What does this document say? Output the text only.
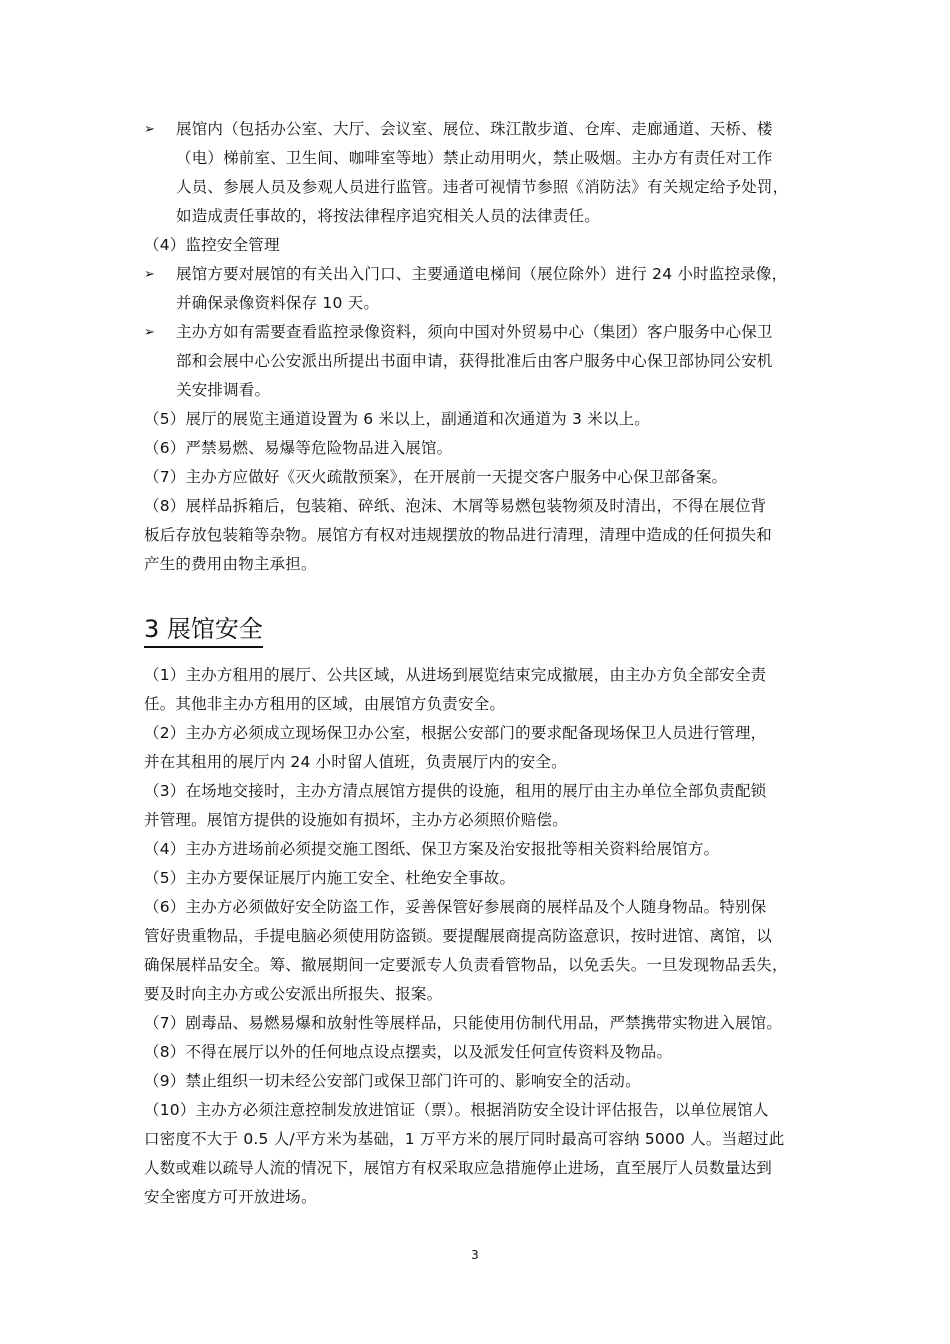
➢	展馆内（包括办公室、大厅、会议室、展位、珠江散步道、仓库、走廊通道、天桥、楼
（电）梯前室、卫生间、咖啡室等地）禁止动用明火，禁止吸烟。主办方有责任对工作
人员、参展人员及参观人员进行监管。违者可视情节参照《消防法》有关规定给予处罚，
如造成责任事故的，将按法律程序追究相关人员的法律责任。
（4）监控安全管理
➢	展馆方要对展馆的有关出入门口、主要通道电梯间（展位除外）进行 24 小时监控录像，
并确保录像资料保存 10 天。
➢	主办方如有需要查看监控录像资料，须向中国对外贸易中心（集团）客户服务中心保卫
部和会展中心公安派出所提出书面申请，获得批准后由客户服务中心保卫部协同公安机
关安排调看。
（5）展厅的展览主通道设置为 6 米以上，副通道和次通道为 3 米以上。
（6）严禁易燃、易爆等危险物品进入展馆。
（7）主办方应做好《灭火疏散预案》，在开展前一天提交客户服务中心保卫部备案。
（8）展样品拆箱后，包装箱、碎纸、泡沫、木屑等易燃包装物须及时清出，不得在展位背
板后存放包装箱等杂物。展馆方有权对违规摆放的物品进行清理，清理中造成的任何损失和
产生的费用由物主承担。
3 展馆安全
（1）主办方租用的展厅、公共区域，从进场到展览结束完成撤展，由主办方负全部安全责
任。其他非主办方租用的区域，由展馆方负责安全。
（2）主办方必须成立现场保卫办公室，根据公安部门的要求配备现场保卫人员进行管理，
并在其租用的展厅内 24 小时留人值班，负责展厅内的安全。
（3）在场地交接时，主办方清点展馆方提供的设施，租用的展厅由主办单位全部负责配锁
并管理。展馆方提供的设施如有损坏，主办方必须照价赔偿。
（4）主办方进场前必须提交施工图纸、保卫方案及治安报批等相关资料给展馆方。
（5）主办方要保证展厅内施工安全、杜绝安全事故。
（6）主办方必须做好安全防盗工作，妥善保管好参展商的展样品及个人随身物品。特别保
管好贵重物品，手提电脑必须使用防盗锁。要提醒展商提高防盗意识，按时进馆、离馆，以
确保展样品安全。筹、撤展期间一定要派专人负责看管物品，以免丢失。一旦发现物品丢失，
要及时向主办方或公安派出所报失、报案。
（7）剧毒品、易燃易爆和放射性等展样品，只能使用仿制代用品，严禁携带实物进入展馆。
（8）不得在展厅以外的任何地点设点摆卖，以及派发任何宣传资料及物品。
（9）禁止组织一切未经公安部门或保卫部门许可的、影响安全的活动。
（10）主办方必须注意控制发放进馆证（票）。根据消防安全设计评估报告，以单位展馆人
口密度不大于 0.5 人/平方米为基础，1 万平方米的展厅同时最高可容纳 5000 人。当超过此
人数或难以疏导人流的情况下，展馆方有权采取应急措施停止进场，直至展厅人员数量达到
安全密度方可开放进场。
3
